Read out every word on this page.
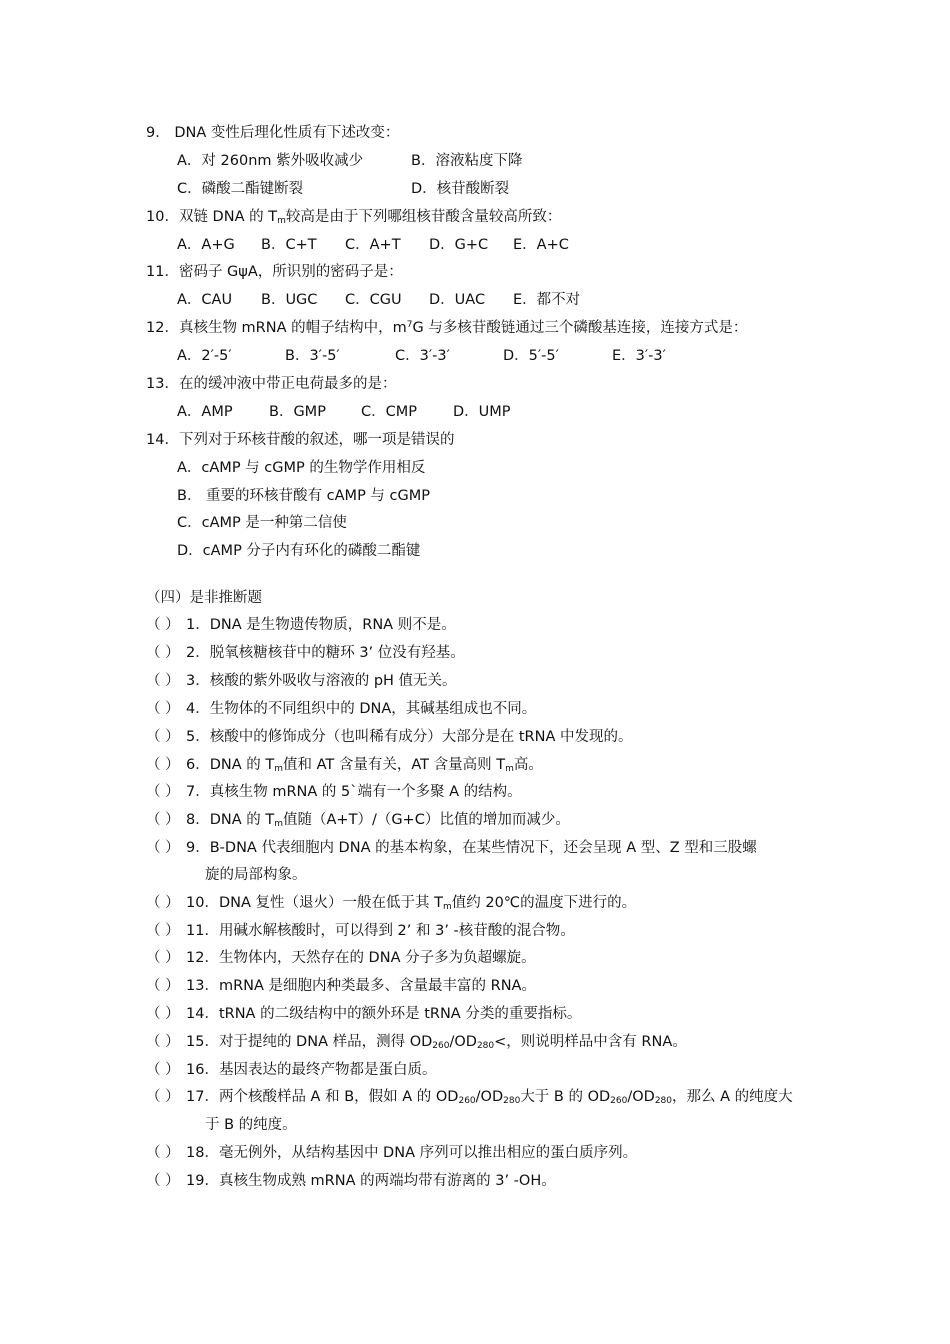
9． DNA 变性后理化性质有下述改变：
A．对 260nm 紫外吸收减少	B．溶液粘度下降
C．磷酸二酯键断裂	D．核苷酸断裂
10．双链 DNA 的 $T_m$较高是由于下列哪组核苷酸含量较高所致：
A．A+G B．C+T C．A+T D．G+C E．A+C
11．密码子 GψA，所识别的密码子是：
A．CAU B．UGC C．CGU D．UAC E．都不对
12．真核生物 mRNA 的帽子结构中，$m^7G$ 与多核苷酸链通过三个磷酸基连接，连接方式是：
A．2′-5′	B．3′-5′	C．3′-3′	D．5′-5′	E．3′-3′
13．在的缓冲液中带正电荷最多的是：
A．AMP	B．GMP C．CMP D．UMP
14．下列对于环核苷酸的叙述，哪一项是错误的
A．cAMP 与 cGMP 的生物学作用相反
B． 重要的环核苷酸有 cAMP 与 cGMP
C．cAMP 是一种第二信使
D．cAMP 分子内有环化的磷酸二酯键
（四）是非推断题
（ ） 1．DNA 是生物遗传物质，RNA 则不是。
（ ） 2．脱氧核糖核苷中的糖环 3’ 位没有羟基。
（ ） 3．核酸的紫外吸收与溶液的 pH 值无关。
（ ） 4．生物体的不同组织中的 DNA，其碱基组成也不同。
（ ） 5．核酸中的修饰成分（也叫稀有成分）大部分是在 tRNA 中发现的。
（ ） 6．DNA 的 $T_m$值和 AT 含量有关，AT 含量高则 $T_m$高。
（ ） 7．真核生物 mRNA 的 5`端有一个多聚 A 的结构。
（ ） 8．DNA 的 $T_m$值随（A+T）/（G+C）比值的增加而减少。
（ ） 9．B-DNA 代表细胞内 DNA 的基本构象，在某些情况下，还会呈现 A 型、Z 型和三股螺
旋的局部构象。
（ ） 10．DNA 复性（退火）一般在低于其 $T_m$值约 20℃的温度下进行的。
（ ） 11．用碱水解核酸时，可以得到 2’ 和 3’ -核苷酸的混合物。
（ ） 12．生物体内，天然存在的 DNA 分子多为负超螺旋。
（ ） 13．mRNA 是细胞内种类最多、含量最丰富的 RNA。
（ ） 14．tRNA 的二级结构中的额外环是 tRNA 分类的重要指标。
（ ） 15．对于提纯的 DNA 样品，测得 $OD_{260}/OD_{280}<$，则说明样品中含有 RNA。
（ ） 16．基因表达的最终产物都是蛋白质。
（ ） 17．两个核酸样品 A 和 B，假如 A 的 $OD_{260}/OD_{280}$大于 B 的 $OD_{260}/OD_{280}$，那么 A 的纯度大
于 B 的纯度。
（ ） 18．毫无例外，从结构基因中 DNA 序列可以推出相应的蛋白质序列。
（ ） 19．真核生物成熟 mRNA 的两端均带有游离的 3’ -OH。
